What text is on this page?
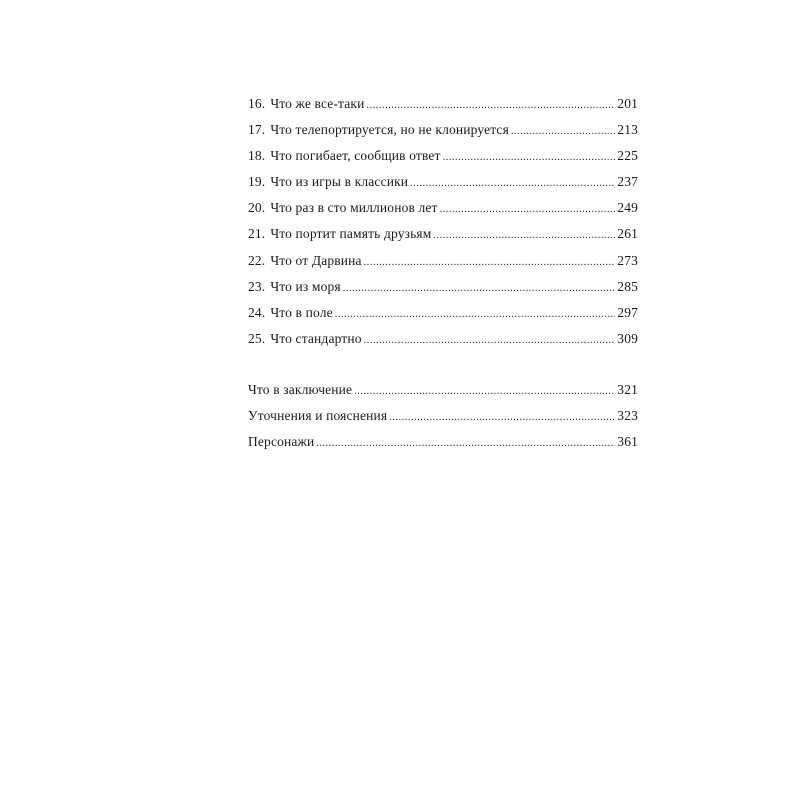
16. Что же все-таки .....	201
17. Что телепортируется, но не клонируется .....	213
18. Что погибает, сообщив ответ .....	225
19. Что из игры в классики .....	237
20. Что раз в сто миллионов лет .....	249
21. Что портит память друзьям .....	261
22. Что от Дарвина .....	273
23. Что из моря .....	285
24. Что в поле .....	297
25. Что стандартно .....	309
Что в заключение .....	321
Уточнения и пояснения .....	323
Персонажи .....	361
